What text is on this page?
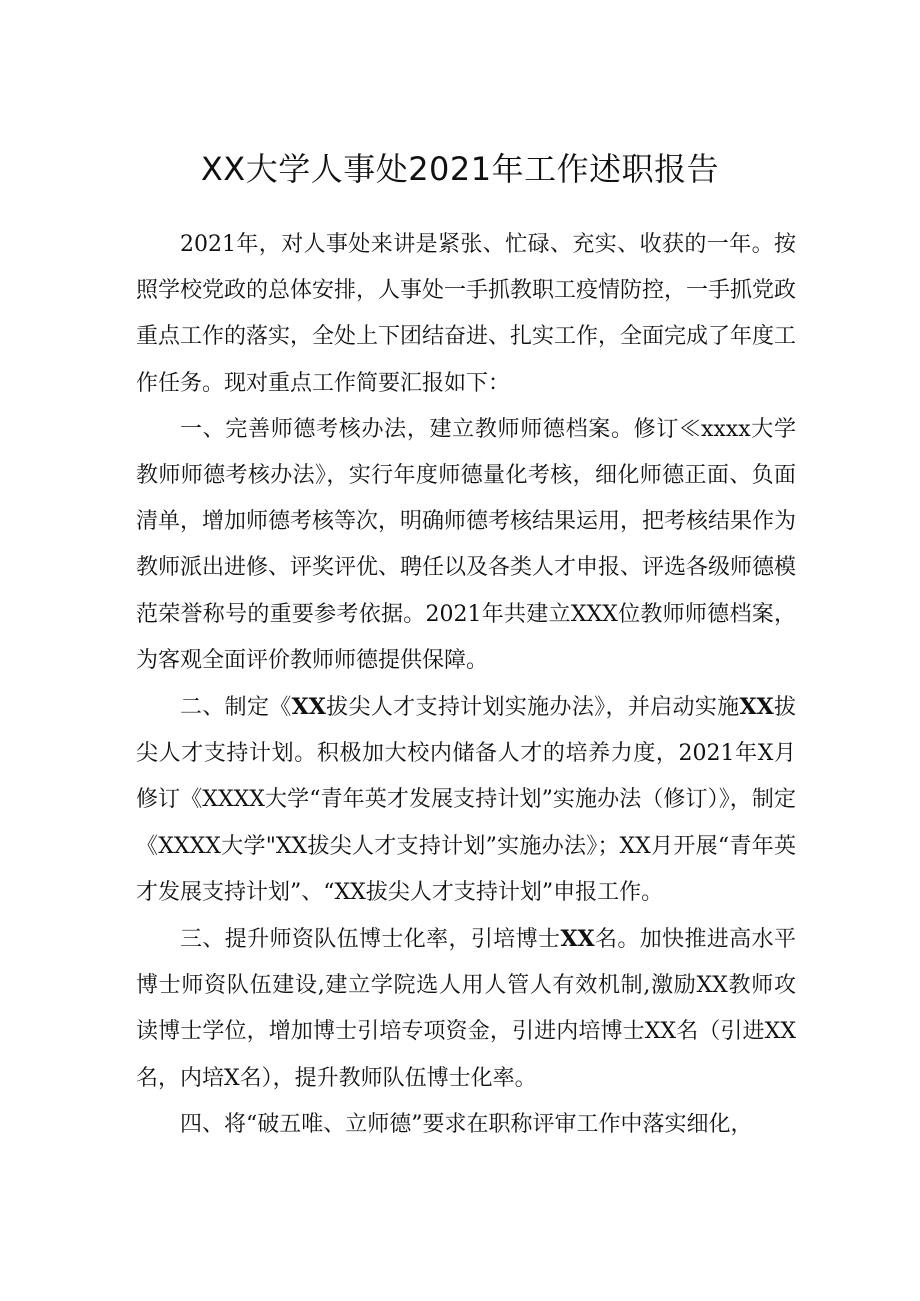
XX大学人事处2021年工作述职报告

2021年，对人事处来讲是紧张、忙碌、充实、收获的一年。按照学校党政的总体安排，人事处一手抓教职工疫情防控，一手抓党政重点工作的落实，全处上下团结奋进、扎实工作，全面完成了年度工作任务。现对重点工作简要汇报如下：

一、完善师德考核办法，建立教师师德档案。修订≪xxxx大学教师师德考核办法》，实行年度师德量化考核，细化师德正面、负面清单，增加师德考核等次，明确师德考核结果运用，把考核结果作为教师派出进修、评奖评优、聘任以及各类人才申报、评选各级师德模范荣誉称号的重要参考依据。2021年共建立XXX位教师师德档案，为客观全面评价教师师德提供保障。

二、制定《XX拔尖人才支持计划实施办法》，并启动实施XX拔尖人才支持计划。积极加大校内储备人才的培养力度，2021年X月修订《XXXX大学“青年英才发展支持计划”实施办法（修订）》，制定《XXXX大学"XX拔尖人才支持计划”实施办法》；XX月开展“青年英才发展支持计划”、“XX拔尖人才支持计划”申报工作。

三、提升师资队伍博士化率，引培博士XX名。加快推进高水平博士师资队伍建设,建立学院选人用人管人有效机制,激励XX教师攻读博士学位，增加博士引培专项资金，引进内培博士XX名（引进XX名，内培X名），提升教师队伍博士化率。

四、将“破五唯、立师德”要求在职称评审工作中落实细化，
